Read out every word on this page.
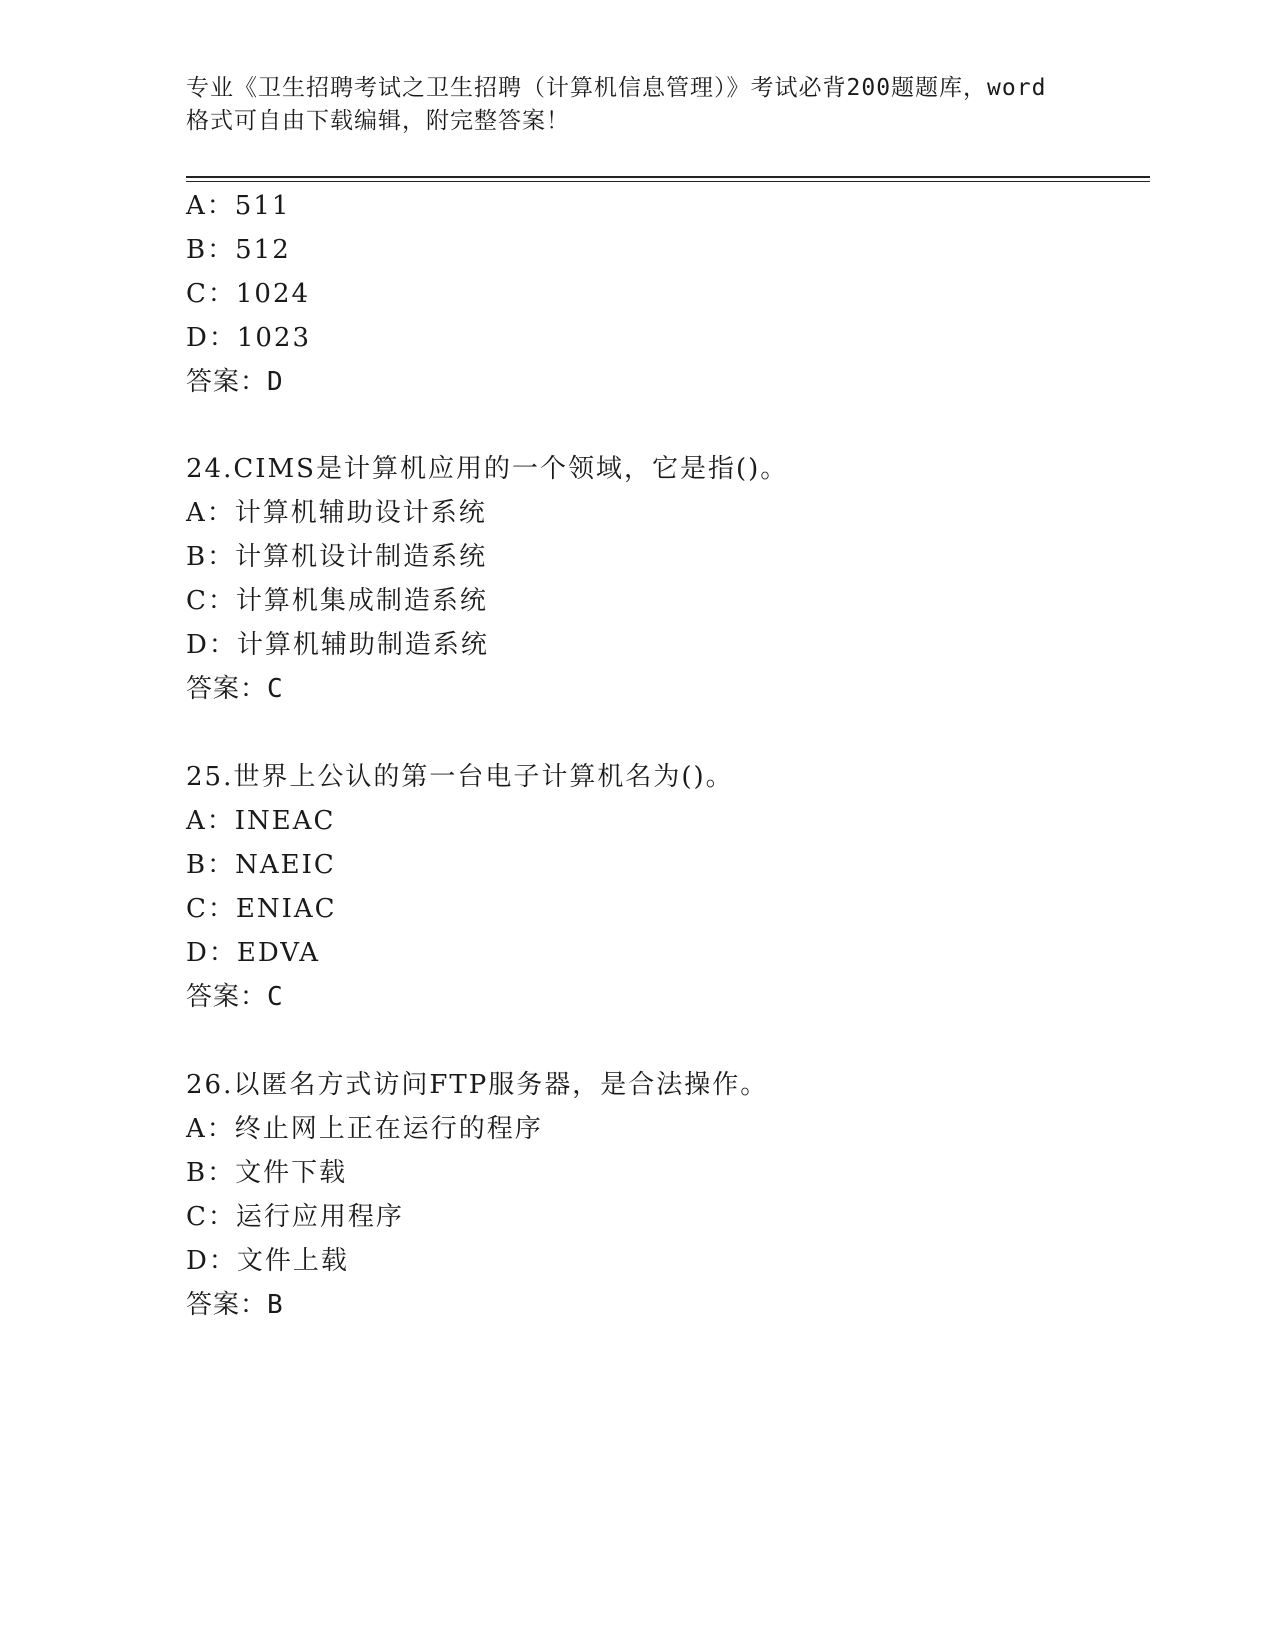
专业《卫生招聘考试之卫生招聘（计算机信息管理）》考试必背200题题库，word
格式可自由下载编辑，附完整答案！
A：511
B：512
C：1024
D：1023
答案：D
24.CIMS是计算机应用的一个领域，它是指()。
A：计算机辅助设计系统
B：计算机设计制造系统
C：计算机集成制造系统
D：计算机辅助制造系统
答案：C
25.世界上公认的第一台电子计算机名为()。
A：INEAC
B：NAEIC
C：ENIAC
D：EDVA
答案：C
26.以匿名方式访问FTP服务器，是合法操作。
A：终止网上正在运行的程序
B：文件下载
C：运行应用程序
D：文件上载
答案：B
